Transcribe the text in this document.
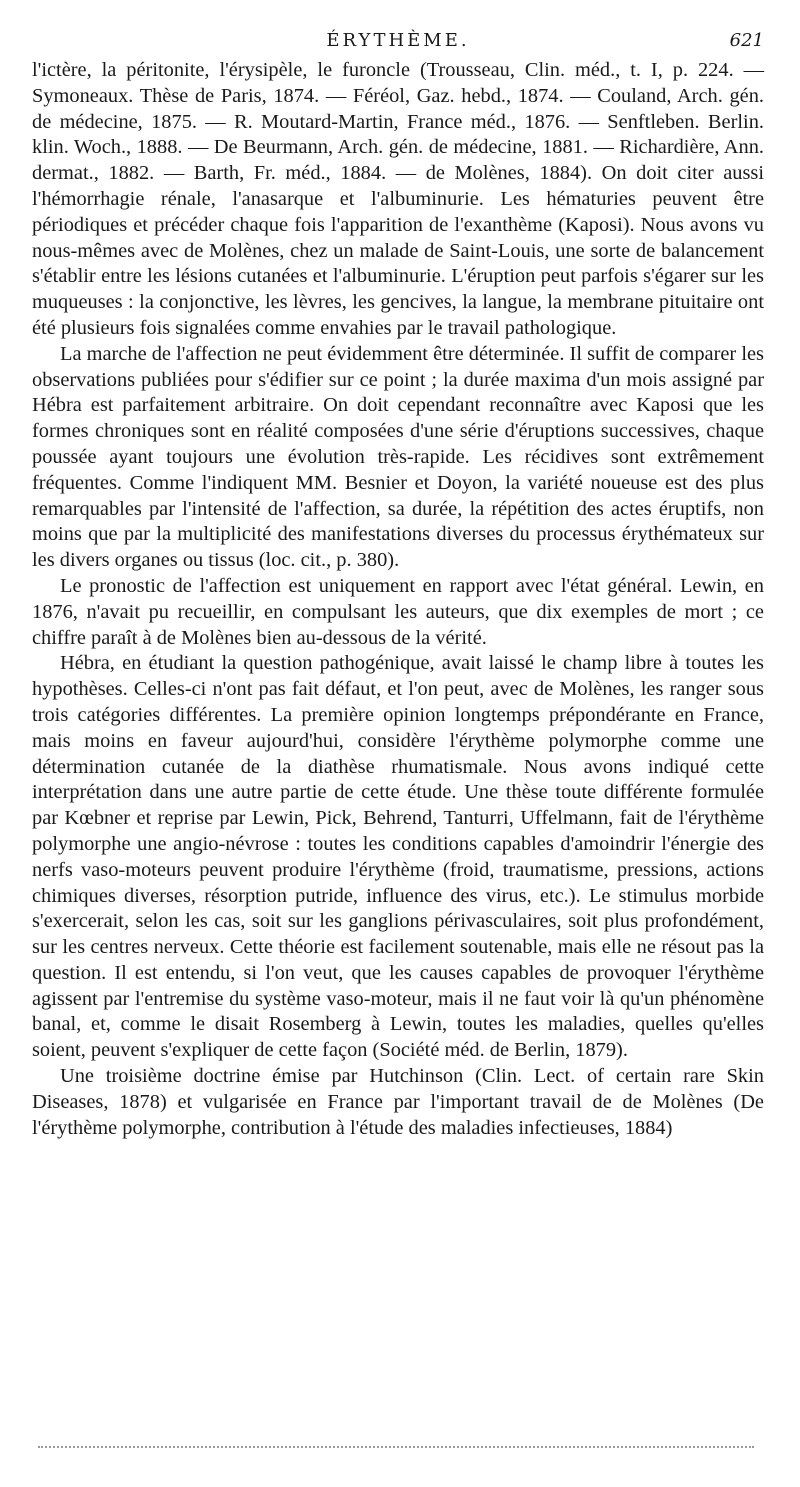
ÉRYTHÈME.	621

l'ictère, la péritonite, l'érysipèle, le furoncle (Trousseau, Clin. méd., t. I, p. 224. — Symoneaux. Thèse de Paris, 1874. — Féréol, Gaz. hebd., 1874. — Couland, Arch. gén. de médecine, 1875. — R. Moutard-Martin, France méd., 1876. — Senftleben. Berlin. klin. Woch., 1888. — De Beurmann, Arch. gén. de médecine, 1881. — Richardière, Ann. dermat., 1882. — Barth, Fr. méd., 1884. — de Molènes, 1884). On doit citer aussi l'hémorrhagie rénale, l'anasarque et l'albuminurie. Les hématuries peuvent être périodiques et précéder chaque fois l'apparition de l'exanthème (Kaposi). Nous avons vu nous-mêmes avec de Molènes, chez un malade de Saint-Louis, une sorte de balancement s'établir entre les lésions cutanées et l'albuminurie. L'éruption peut parfois s'égarer sur les muqueuses : la conjonctive, les lèvres, les gencives, la langue, la membrane pituitaire ont été plusieurs fois signalées comme envahies par le travail pathologique.

La marche de l'affection ne peut évidemment être déterminée. Il suffit de comparer les observations publiées pour s'édifier sur ce point ; la durée maxima d'un mois assigné par Hébra est parfaitement arbitraire. On doit cependant reconnaître avec Kaposi que les formes chroniques sont en réalité composées d'une série d'éruptions successives, chaque poussée ayant toujours une évolution très-rapide. Les récidives sont extrêmement fréquentes. Comme l'indiquent MM. Besnier et Doyon, la variété noueuse est des plus remarquables par l'intensité de l'affection, sa durée, la répétition des actes éruptifs, non moins que par la multiplicité des manifestations diverses du processus érythémateux sur les divers organes ou tissus (loc. cit., p. 380).

Le pronostic de l'affection est uniquement en rapport avec l'état général. Lewin, en 1876, n'avait pu recueillir, en compulsant les auteurs, que dix exemples de mort ; ce chiffre paraît à de Molènes bien au-dessous de la vérité.

Hébra, en étudiant la question pathogénique, avait laissé le champ libre à toutes les hypothèses. Celles-ci n'ont pas fait défaut, et l'on peut, avec de Molènes, les ranger sous trois catégories différentes. La première opinion longtemps prépondérante en France, mais moins en faveur aujourd'hui, considère l'érythème polymorphe comme une détermination cutanée de la diathèse rhumatismale. Nous avons indiqué cette interprétation dans une autre partie de cette étude. Une thèse toute différente formulée par Kœbner et reprise par Lewin, Pick, Behrend, Tanturri, Uffelmann, fait de l'érythème polymorphe une angio-névrose : toutes les conditions capables d'amoindrir l'énergie des nerfs vaso-moteurs peuvent produire l'érythème (froid, traumatisme, pressions, actions chimiques diverses, résorption putride, influence des virus, etc.). Le stimulus morbide s'exercerait, selon les cas, soit sur les ganglions périvasculaires, soit plus profondément, sur les centres nerveux. Cette théorie est facilement soutenable, mais elle ne résout pas la question. Il est entendu, si l'on veut, que les causes capables de provoquer l'érythème agissent par l'entremise du système vaso-moteur, mais il ne faut voir là qu'un phénomène banal, et, comme le disait Rosemberg à Lewin, toutes les maladies, quelles qu'elles soient, peuvent s'expliquer de cette façon (Société méd. de Berlin, 1879).

Une troisième doctrine émise par Hutchinson (Clin. Lect. of certain rare Skin Diseases, 1878) et vulgarisée en France par l'important travail de de Molènes (De l'érythème polymorphe, contribution à l'étude des maladies infectieuses, 1884)
